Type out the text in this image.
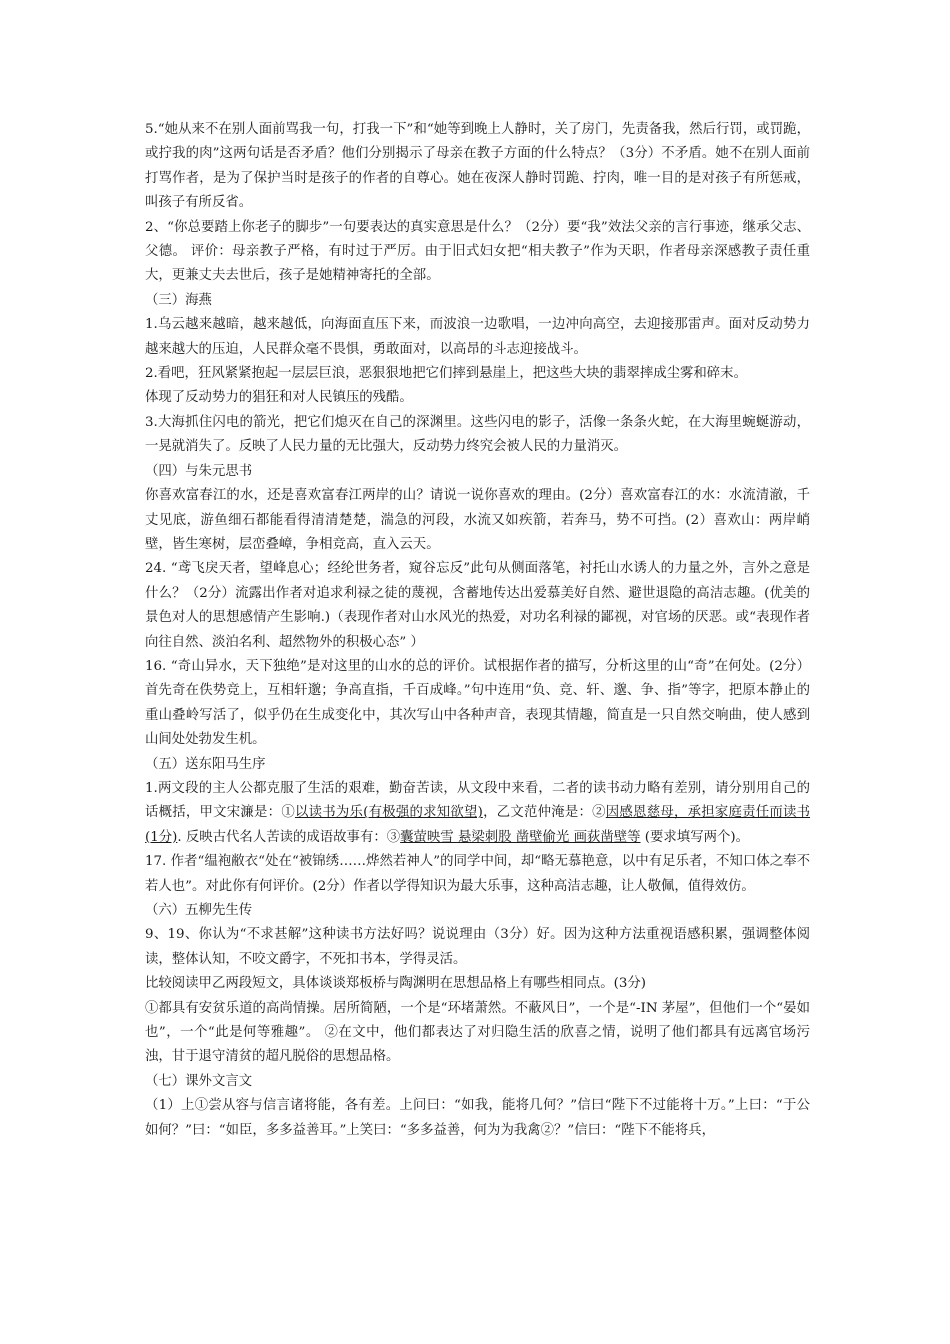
5.“她从来不在别人面前骂我一句，打我一下”和“她等到晚上人静时，关了房门，先责备我，然后行罚，或罚跪，或拧我的肉”这两句话是否矛盾？他们分别揭示了母亲在教子方面的什么特点？（3分）不矛盾。她不在别人面前打骂作者，是为了保护当时是孩子的作者的自尊心。她在夜深人静时罚跪、拧肉，唯一目的是对孩子有所惩戒，叫孩子有所反省。

2、“你总要踏上你老子的脚步”一句要表达的真实意思是什么？（2分）要“我”效法父亲的言行事迹，继承父志、父德。 评价：母亲教子严格，有时过于严厉。由于旧式妇女把“相夫教子”作为天职，作者母亲深感教子责任重大，更兼丈夫去世后，孩子是她精神寄托的全部。

（三）海燕

1.乌云越来越暗，越来越低，向海面直压下来，而波浪一边歌唱，一边冲向高空，去迎接那雷声。面对反动势力越来越大的压迫，人民群众毫不畏惧，勇敢面对，以高昂的斗志迎接战斗。

2.看吧，狂风紧紧抱起一层层巨浪，恶狠狠地把它们摔到悬崖上，把这些大块的翡翠摔成尘雾和碎末。

体现了反动势力的猖狂和对人民镇压的残酷。

3.大海抓住闪电的箭光，把它们熄灭在自己的深渊里。这些闪电的影子，活像一条条火蛇，在大海里蜿蜒游动，一晃就消失了。反映了人民力量的无比强大，反动势力终究会被人民的力量消灭。

（四）与朱元思书

你喜欢富春江的水，还是喜欢富春江两岸的山？请说一说你喜欢的理由。(2分）喜欢富春江的水：水流清澈，千丈见底，游鱼细石都能看得清清楚楚，湍急的河段，水流又如疾箭，若奔马，势不可挡。(2）喜欢山：两岸峭壁，皆生寒树，层峦叠嶂，争相竞高，直入云天。

24. “鸢飞戾天者，望峰息心；经纶世务者，窥谷忘反”此句从侧面落笔，衬托山水诱人的力量之外，言外之意是什么？（2分）流露出作者对追求利禄之徒的蔑视，含蓄地传达出爱慕美好自然、避世退隐的高洁志趣。(优美的景色对人的思想感情产生影响.)（表现作者对山水风光的热爱，对功名利禄的鄙视，对官场的厌恶。或“表现作者向往自然、淡泊名利、超然物外的积极心态” ）

16. “奇山异水，天下独绝”是对这里的山水的总的评价。试根据作者的描写，分析这里的山“奇”在何处。(2分）首先奇在佚势竞上，互相轩邈；争高直指，千百成峰。”句中连用“负、竞、轩、邈、争、指”等字，把原本静止的重山叠岭写活了，似乎仍在生成变化中，其次写山中各种声音，表现其情趣，简直是一只自然交响曲，使人感到山间处处勃发生机。

（五）送东阳马生序

1.两文段的主人公都克服了生活的艰难，勤奋苦读，从文段中来看，二者的读书动力略有差别，请分别用自己的话概括，甲文宋濂是：①以读书为乐(有极强的求知欲望)，乙文范仲淹是：②因感恩慈母，承担家庭责任而读书(1分). 反映古代名人苦读的成语故事有：③囊萤映雪 悬梁刺股 凿壁偷光 画荻凿壁等 (要求填写两个)。

17. 作者“缊袍敝衣“处在“被锦绣……烨然若神人”的同学中间，却“略无慕艳意，以中有足乐者，不知口体之奉不若人也”。对此你有何评价。(2分）作者以学得知识为最大乐事，这种高洁志趣，让人敬佩，值得效仿。

（六）五柳先生传

9、19、你认为“不求甚解”这种读书方法好吗？说说理由（3分）好。因为这种方法重视语感积累，强调整体阅读，整体认知，不咬文爵字，不死扣书本，学得灵活。

比较阅读甲乙两段短文，具体谈谈郑板桥与陶渊明在思想品格上有哪些相同点。(3分)

①都具有安贫乐道的高尚情操。居所简陋，一个是“环堵萧然。不蔽风日”，一个是“-IN 茅屋”，但他们一个“晏如也”，一个“此是何等雅趣”。 ②在文中，他们都表达了对归隐生活的欣喜之情，说明了他们都具有远离官场污浊，甘于退守清贫的超凡脱俗的思想品格。

（七）课外文言文

（1）上①尝从容与信言诸将能，各有差。上问曰：“如我，能将几何？”信曰“陛下不过能将十万。”上曰：“于公如何？”曰：“如臣，多多益善耳。”上笑曰：“多多益善，何为为我禽②？”信曰：“陛下不能将兵，
